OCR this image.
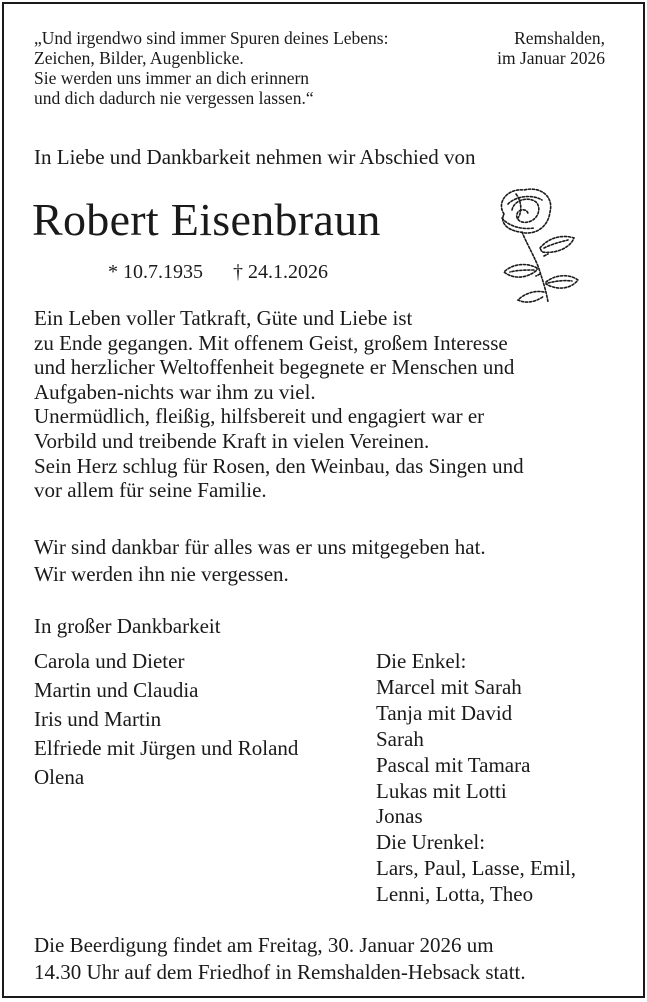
„Und irgendwo sind immer Spuren deines Lebens:
Zeichen, Bilder, Augenblicke.
Sie werden uns immer an dich erinnern
und dich dadurch nie vergessen lassen.“
Remshalden,
im Januar 2026
In Liebe und Dankbarkeit nehmen wir Abschied von
Robert Eisenbraun
* 10.7.1935 † 24.1.2026
Ein Leben voller Tatkraft, Güte und Liebe ist
zu Ende gegangen. Mit offenem Geist, großem Interesse
und herzlicher Weltoffenheit begegnete er Menschen und
Aufgaben-nichts war ihm zu viel.
Unermüdlich, fleißig, hilfsbereit und engagiert war er
Vorbild und treibende Kraft in vielen Vereinen.
Sein Herz schlug für Rosen, den Weinbau, das Singen und
vor allem für seine Familie.
Wir sind dankbar für alles was er uns mitgegeben hat.
Wir werden ihn nie vergessen.
In großer Dankbarkeit
Carola und Dieter
Martin und Claudia
Iris und Martin
Elfriede mit Jürgen und Roland
Olena
Die Enkel:
Marcel mit Sarah
Tanja mit David
Sarah
Pascal mit Tamara
Lukas mit Lotti
Jonas
Die Urenkel:
Lars, Paul, Lasse, Emil,
Lenni, Lotta, Theo
Die Beerdigung findet am Freitag, 30. Januar 2026 um
14.30 Uhr auf dem Friedhof in Remshalden-Hebsack statt.
